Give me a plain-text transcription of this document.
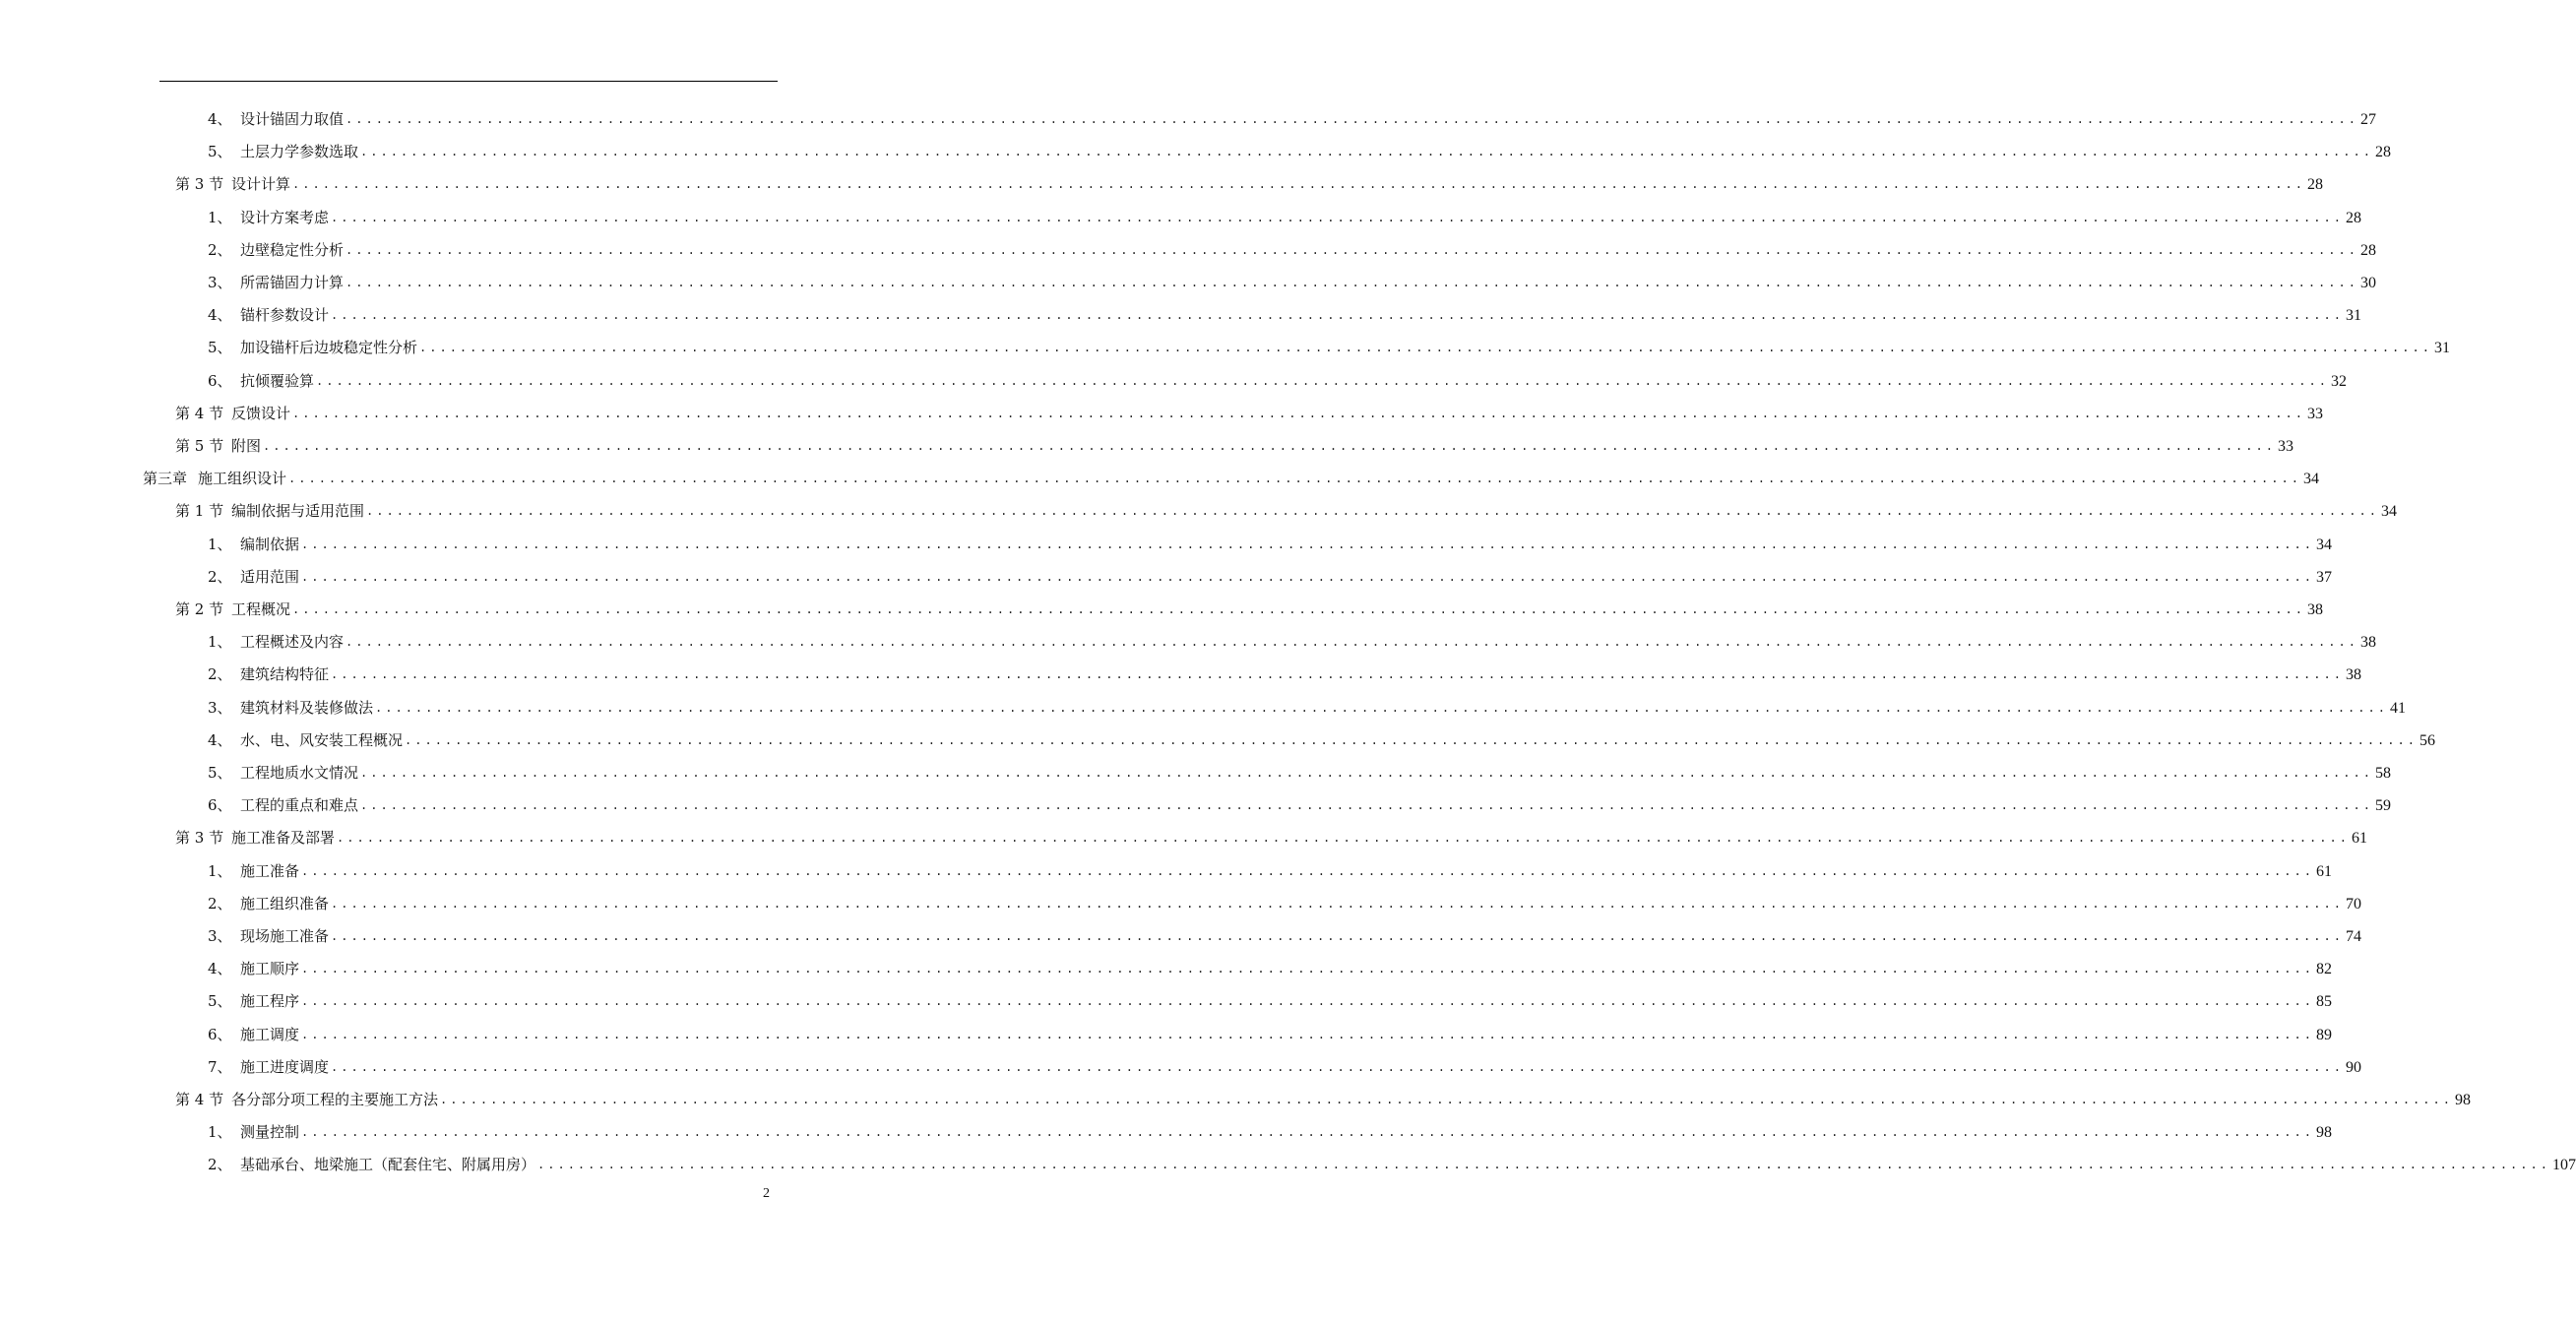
4、 设计锚固力取值 ........................................................................................................................................................................................................ 27
5、 土层力学参数选取 ........................................................................................................................................................................................................ 28
第 3 节 设计计算 ........................................................................................................................................................................................................ 28
1、 设计方案考虑 ........................................................................................................................................................................................................ 28
2、 边壁稳定性分析 ........................................................................................................................................................................................................ 28
3、 所需锚固力计算 ........................................................................................................................................................................................................ 30
4、 锚杆参数设计 ........................................................................................................................................................................................................ 31
5、 加设锚杆后边坡稳定性分析 ........................................................................................................................................................................................................ 31
6、 抗倾覆验算 ........................................................................................................................................................................................................ 32
第 4 节 反馈设计 ........................................................................................................................................................................................................ 33
第 5 节 附图 ........................................................................................................................................................................................................ 33
第三章 施工组织设计 ........................................................................................................................................................................................................ 34
第 1 节 编制依据与适用范围 ........................................................................................................................................................................................................ 34
1、 编制依据 ........................................................................................................................................................................................................ 34
2、 适用范围 ........................................................................................................................................................................................................ 37
第 2 节 工程概况 ........................................................................................................................................................................................................ 38
1、 工程概述及内容 ........................................................................................................................................................................................................ 38
2、 建筑结构特征 ........................................................................................................................................................................................................ 38
3、 建筑材料及装修做法 ........................................................................................................................................................................................................ 41
4、 水、电、风安装工程概况 ........................................................................................................................................................................................................ 56
5、 工程地质水文情况 ........................................................................................................................................................................................................ 58
6、 工程的重点和难点 ........................................................................................................................................................................................................ 59
第 3 节 施工准备及部署 ........................................................................................................................................................................................................ 61
1、 施工准备 ........................................................................................................................................................................................................ 61
2、 施工组织准备 ........................................................................................................................................................................................................ 70
3、 现场施工准备 ........................................................................................................................................................................................................ 74
4、 施工顺序 ........................................................................................................................................................................................................ 82
5、 施工程序 ........................................................................................................................................................................................................ 85
6、 施工调度 ........................................................................................................................................................................................................ 89
7、 施工进度调度 ........................................................................................................................................................................................................ 90
第 4 节 各分部分项工程的主要施工方法 ........................................................................................................................................................................................................ 98
1、 测量控制 ........................................................................................................................................................................................................ 98
2、 基础承台、地梁施工（配套住宅、附属用房） ........................................................................................................................................................................................................ 107
2
